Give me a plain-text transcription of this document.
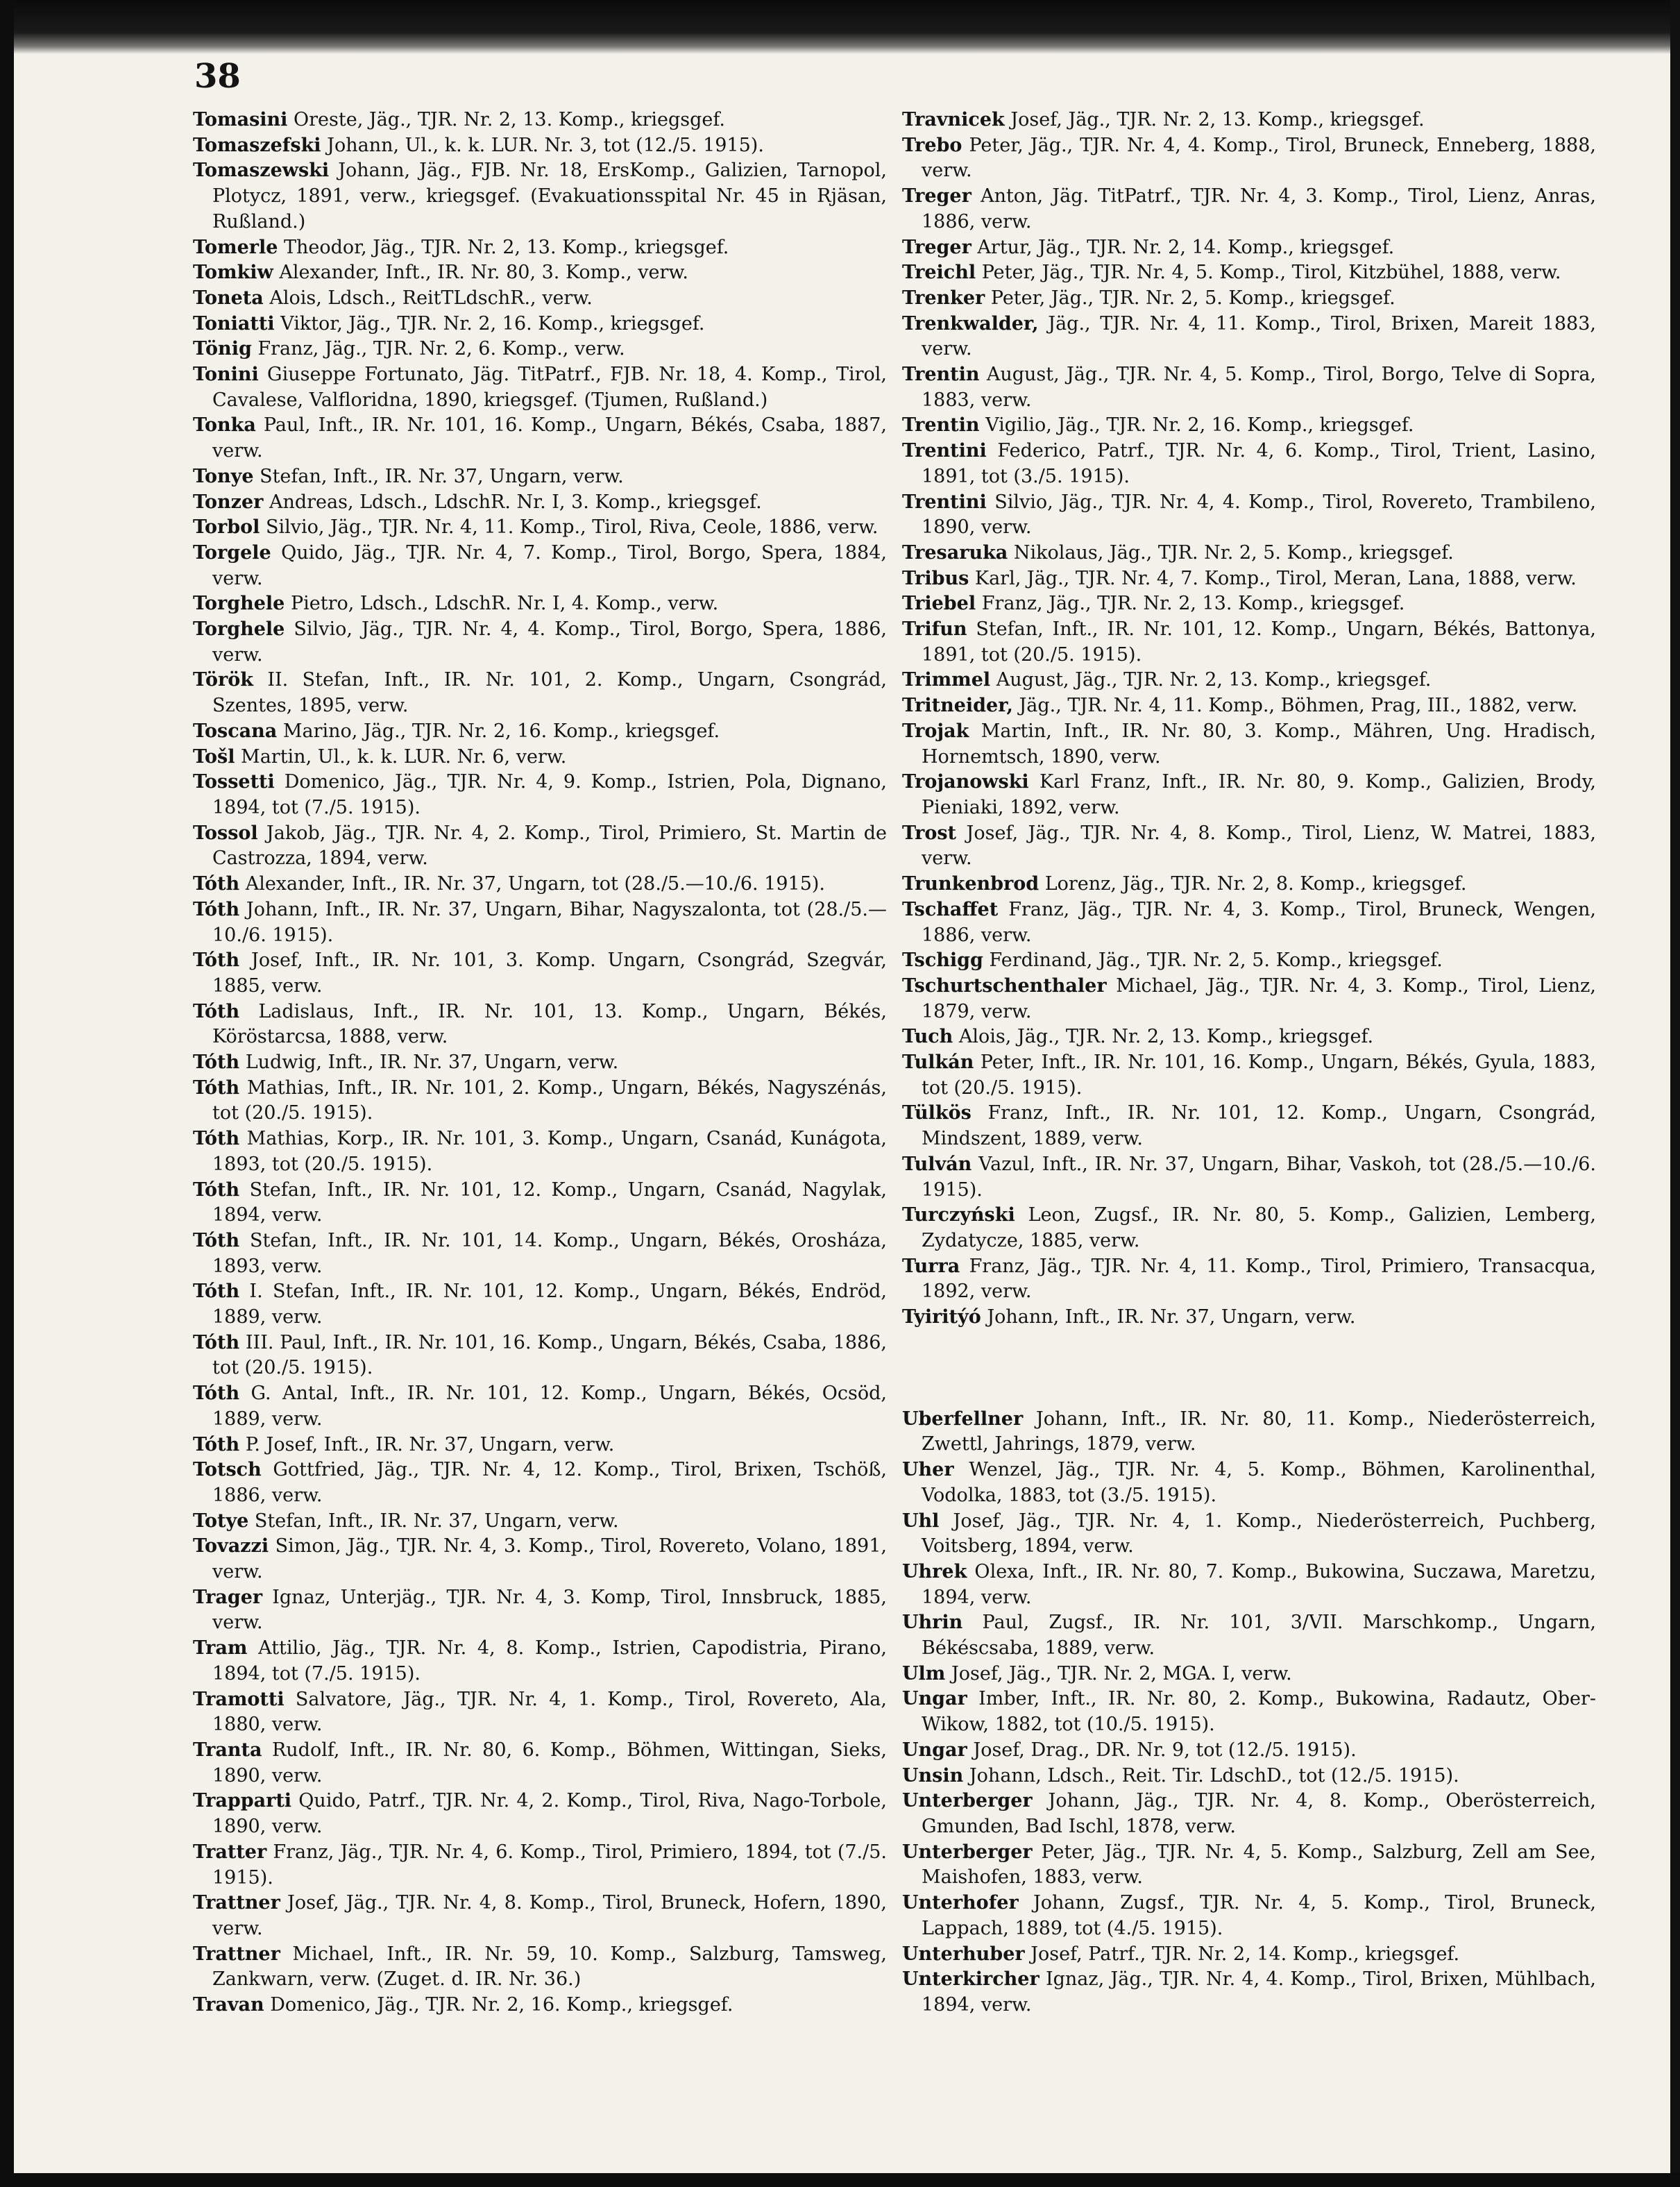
38
Tomasini Oreste, Jäg., TJR. Nr. 2, 13. Komp., kriegsgef.
Tomaszefski Johann, Ul., k. k. LUR. Nr. 3, tot (12./5. 1915).
Tomaszewski Johann, Jäg., FJB. Nr. 18, ErsKomp., Galizien, Tarnopol, Plotycz, 1891, verw., kriegsgef. (Evakuationsspital Nr. 45 in Rjäsan, Rußland.)
Tomerle Theodor, Jäg., TJR. Nr. 2, 13. Komp., kriegsgef.
Tomkiw Alexander, Inft., IR. Nr. 80, 3. Komp., verw.
Toneta Alois, Ldsch., ReitTLdschR., verw.
Toniatti Viktor, Jäg., TJR. Nr. 2, 16. Komp., kriegsgef.
Tönig Franz, Jäg., TJR. Nr. 2, 6. Komp., verw.
Tonini Giuseppe Fortunato, Jäg. TitPatrf., FJB. Nr. 18, 4. Komp., Tirol, Cavalese, Valfloridna, 1890, kriegsgef. (Tjumen, Rußland.)
Tonka Paul, Inft., IR. Nr. 101, 16. Komp., Ungarn, Békés, Csaba, 1887, verw.
Tonye Stefan, Inft., IR. Nr. 37, Ungarn, verw.
Tonzer Andreas, Ldsch., LdschR. Nr. I, 3. Komp., kriegsgef.
Torbol Silvio, Jäg., TJR. Nr. 4, 11. Komp., Tirol, Riva, Ceole, 1886, verw.
Torgele Quido, Jäg., TJR. Nr. 4, 7. Komp., Tirol, Borgo, Spera, 1884, verw.
Torghele Pietro, Ldsch., LdschR. Nr. I, 4. Komp., verw.
Torghele Silvio, Jäg., TJR. Nr. 4, 4. Komp., Tirol, Borgo, Spera, 1886, verw.
Török II. Stefan, Inft., IR. Nr. 101, 2. Komp., Ungarn, Csongrád, Szentes, 1895, verw.
Toscana Marino, Jäg., TJR. Nr. 2, 16. Komp., kriegsgef.
Tošl Martin, Ul., k. k. LUR. Nr. 6, verw.
Tossetti Domenico, Jäg., TJR. Nr. 4, 9. Komp., Istrien, Pola, Dignano, 1894, tot (7./5. 1915).
Tossol Jakob, Jäg., TJR. Nr. 4, 2. Komp., Tirol, Primiero, St. Martin de Castrozza, 1894, verw.
Tóth Alexander, Inft., IR. Nr. 37, Ungarn, tot (28./5.—10./6. 1915).
Tóth Johann, Inft., IR. Nr. 37, Ungarn, Bihar, Nagyszalonta, tot (28./5.—10./6. 1915).
Tóth Josef, Inft., IR. Nr. 101, 3. Komp. Ungarn, Csongrád, Szegvár, 1885, verw.
Tóth Ladislaus, Inft., IR. Nr. 101, 13. Komp., Ungarn, Békés, Köröstarcsa, 1888, verw.
Tóth Ludwig, Inft., IR. Nr. 37, Ungarn, verw.
Tóth Mathias, Inft., IR. Nr. 101, 2. Komp., Ungarn, Békés, Nagyszénás, tot (20./5. 1915).
Tóth Mathias, Korp., IR. Nr. 101, 3. Komp., Ungarn, Csanád, Kunágota, 1893, tot (20./5. 1915).
Tóth Stefan, Inft., IR. Nr. 101, 12. Komp., Ungarn, Csanád, Nagylak, 1894, verw.
Tóth Stefan, Inft., IR. Nr. 101, 14. Komp., Ungarn, Békés, Orosháza, 1893, verw.
Tóth I. Stefan, Inft., IR. Nr. 101, 12. Komp., Ungarn, Békés, Endröd, 1889, verw.
Tóth III. Paul, Inft., IR. Nr. 101, 16. Komp., Ungarn, Békés, Csaba, 1886, tot (20./5. 1915).
Tóth G. Antal, Inft., IR. Nr. 101, 12. Komp., Ungarn, Békés, Ocsöd, 1889, verw.
Tóth P. Josef, Inft., IR. Nr. 37, Ungarn, verw.
Totsch Gottfried, Jäg., TJR. Nr. 4, 12. Komp., Tirol, Brixen, Tschöß, 1886, verw.
Totye Stefan, Inft., IR. Nr. 37, Ungarn, verw.
Tovazzi Simon, Jäg., TJR. Nr. 4, 3. Komp., Tirol, Rovereto, Volano, 1891, verw.
Trager Ignaz, Unterjäg., TJR. Nr. 4, 3. Komp, Tirol, Innsbruck, 1885, verw.
Tram Attilio, Jäg., TJR. Nr. 4, 8. Komp., Istrien, Capodistria, Pirano, 1894, tot (7./5. 1915).
Tramotti Salvatore, Jäg., TJR. Nr. 4, 1. Komp., Tirol, Rovereto, Ala, 1880, verw.
Tranta Rudolf, Inft., IR. Nr. 80, 6. Komp., Böhmen, Wittingan, Sieks, 1890, verw.
Trapparti Quido, Patrf., TJR. Nr. 4, 2. Komp., Tirol, Riva, Nago-Torbole, 1890, verw.
Tratter Franz, Jäg., TJR. Nr. 4, 6. Komp., Tirol, Primiero, 1894, tot (7./5. 1915).
Trattner Josef, Jäg., TJR. Nr. 4, 8. Komp., Tirol, Bruneck, Hofern, 1890, verw.
Trattner Michael, Inft., IR. Nr. 59, 10. Komp., Salzburg, Tamsweg, Zankwarn, verw. (Zuget. d. IR. Nr. 36.)
Travan Domenico, Jäg., TJR. Nr. 2, 16. Komp., kriegsgef.
Travnicek Josef, Jäg., TJR. Nr. 2, 13. Komp., kriegsgef.
Trebo Peter, Jäg., TJR. Nr. 4, 4. Komp., Tirol, Bruneck, Enneberg, 1888, verw.
Treger Anton, Jäg. TitPatrf., TJR. Nr. 4, 3. Komp., Tirol, Lienz, Anras, 1886, verw.
Treger Artur, Jäg., TJR. Nr. 2, 14. Komp., kriegsgef.
Treichl Peter, Jäg., TJR. Nr. 4, 5. Komp., Tirol, Kitzbühel, 1888, verw.
Trenker Peter, Jäg., TJR. Nr. 2, 5. Komp., kriegsgef.
Trenkwalder, Jäg., TJR. Nr. 4, 11. Komp., Tirol, Brixen, Mareit 1883, verw.
Trentin August, Jäg., TJR. Nr. 4, 5. Komp., Tirol, Borgo, Telve di Sopra, 1883, verw.
Trentin Vigilio, Jäg., TJR. Nr. 2, 16. Komp., kriegsgef.
Trentini Federico, Patrf., TJR. Nr. 4, 6. Komp., Tirol, Trient, Lasino, 1891, tot (3./5. 1915).
Trentini Silvio, Jäg., TJR. Nr. 4, 4. Komp., Tirol, Rovereto, Trambileno, 1890, verw.
Tresaruka Nikolaus, Jäg., TJR. Nr. 2, 5. Komp., kriegsgef.
Tribus Karl, Jäg., TJR. Nr. 4, 7. Komp., Tirol, Meran, Lana, 1888, verw.
Triebel Franz, Jäg., TJR. Nr. 2, 13. Komp., kriegsgef.
Trifun Stefan, Inft., IR. Nr. 101, 12. Komp., Ungarn, Békés, Battonya, 1891, tot (20./5. 1915).
Trimmel August, Jäg., TJR. Nr. 2, 13. Komp., kriegsgef.
Tritneider, Jäg., TJR. Nr. 4, 11. Komp., Böhmen, Prag, III., 1882, verw.
Trojak Martin, Inft., IR. Nr. 80, 3. Komp., Mähren, Ung. Hradisch, Hornemtsch, 1890, verw.
Trojanowski Karl Franz, Inft., IR. Nr. 80, 9. Komp., Galizien, Brody, Pieniaki, 1892, verw.
Trost Josef, Jäg., TJR. Nr. 4, 8. Komp., Tirol, Lienz, W. Matrei, 1883, verw.
Trunkenbrod Lorenz, Jäg., TJR. Nr. 2, 8. Komp., kriegsgef.
Tschaffet Franz, Jäg., TJR. Nr. 4, 3. Komp., Tirol, Bruneck, Wengen, 1886, verw.
Tschigg Ferdinand, Jäg., TJR. Nr. 2, 5. Komp., kriegsgef.
Tschurtschenthaler Michael, Jäg., TJR. Nr. 4, 3. Komp., Tirol, Lienz, 1879, verw.
Tuch Alois, Jäg., TJR. Nr. 2, 13. Komp., kriegsgef.
Tulkán Peter, Inft., IR. Nr. 101, 16. Komp., Ungarn, Békés, Gyula, 1883, tot (20./5. 1915).
Tülkös Franz, Inft., IR. Nr. 101, 12. Komp., Ungarn, Csongrád, Mindszent, 1889, verw.
Tulván Vazul, Inft., IR. Nr. 37, Ungarn, Bihar, Vaskoh, tot (28./5.—10./6. 1915).
Turczyński Leon, Zugsf., IR. Nr. 80, 5. Komp., Galizien, Lemberg, Zydatycze, 1885, verw.
Turra Franz, Jäg., TJR. Nr. 4, 11. Komp., Tirol, Primiero, Transacqua, 1892, verw.
Tyiritýó Johann, Inft., IR. Nr. 37, Ungarn, verw.
Uberfellner Johann, Inft., IR. Nr. 80, 11. Komp., Niederösterreich, Zwettl, Jahrings, 1879, verw.
Uher Wenzel, Jäg., TJR. Nr. 4, 5. Komp., Böhmen, Karolinenthal, Vodolka, 1883, tot (3./5. 1915).
Uhl Josef, Jäg., TJR. Nr. 4, 1. Komp., Niederösterreich, Puchberg, Voitsberg, 1894, verw.
Uhrek Olexa, Inft., IR. Nr. 80, 7. Komp., Bukowina, Suczawa, Maretzu, 1894, verw.
Uhrin Paul, Zugsf., IR. Nr. 101, 3/VII. Marschkomp., Ungarn, Békéscsaba, 1889, verw.
Ulm Josef, Jäg., TJR. Nr. 2, MGA. I, verw.
Ungar Imber, Inft., IR. Nr. 80, 2. Komp., Bukowina, Radautz, Ober-Wikow, 1882, tot (10./5. 1915).
Ungar Josef, Drag., DR. Nr. 9, tot (12./5. 1915).
Unsin Johann, Ldsch., Reit. Tir. LdschD., tot (12./5. 1915).
Unterberger Johann, Jäg., TJR. Nr. 4, 8. Komp., Oberösterreich, Gmunden, Bad Ischl, 1878, verw.
Unterberger Peter, Jäg., TJR. Nr. 4, 5. Komp., Salzburg, Zell am See, Maishofen, 1883, verw.
Unterhofer Johann, Zugsf., TJR. Nr. 4, 5. Komp., Tirol, Bruneck, Lappach, 1889, tot (4./5. 1915).
Unterhuber Josef, Patrf., TJR. Nr. 2, 14. Komp., kriegsgef.
Unterkircher Ignaz, Jäg., TJR. Nr. 4, 4. Komp., Tirol, Brixen, Mühlbach, 1894, verw.
